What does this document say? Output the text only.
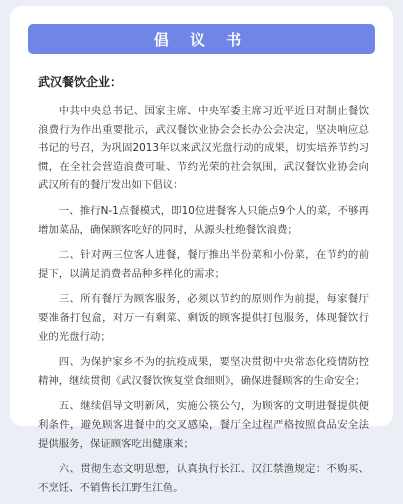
倡 议 书
武汉餐饮企业：

中共中央总书记、国家主席、中央军委主席习近平近日对制止餐饮浪费行为作出重要批示，武汉餐饮业协会会长办公会决定，坚决响应总书记的号召，为巩固2013年以来武汉光盘行动的成果，切实培养节约习惯，在全社会营造浪费可耻、节约光荣的社会氛围，武汉餐饮业协会向武汉所有的餐厅发出如下倡议：

一、推行N-1点餐模式，即10位进餐客人只能点9个人的菜，不够再增加菜品，确保顾客吃好的同时，从源头杜绝餐饮浪费；

二、针对两三位客人进餐，餐厅推出半份菜和小份菜，在节约的前提下，以满足消费者品种多样化的需求；

三、所有餐厅为顾客服务，必须以节约的原则作为前提，每家餐厅要准备打包盒，对万一有剩菜、剩饭的顾客提供打包服务，体现餐饮行业的光盘行动；

四、为保护家乡不为的抗疫成果，要坚决贯彻中央常态化疫情防控精神，继续贯彻《武汉餐饮恢复堂食细则》，确保进餐顾客的生命安全；

五、继续倡导文明新风，实施公筷公勺，为顾客的文明进餐提供便利条件，避免顾客进餐中的交叉感染，餐厅全过程严格按照食品安全法提供服务，保证顾客吃出健康来；

六、贯彻生态文明思想，认真执行长江、汉江禁渔规定：不购买、不烹饪、不销售长江野生江鱼。
